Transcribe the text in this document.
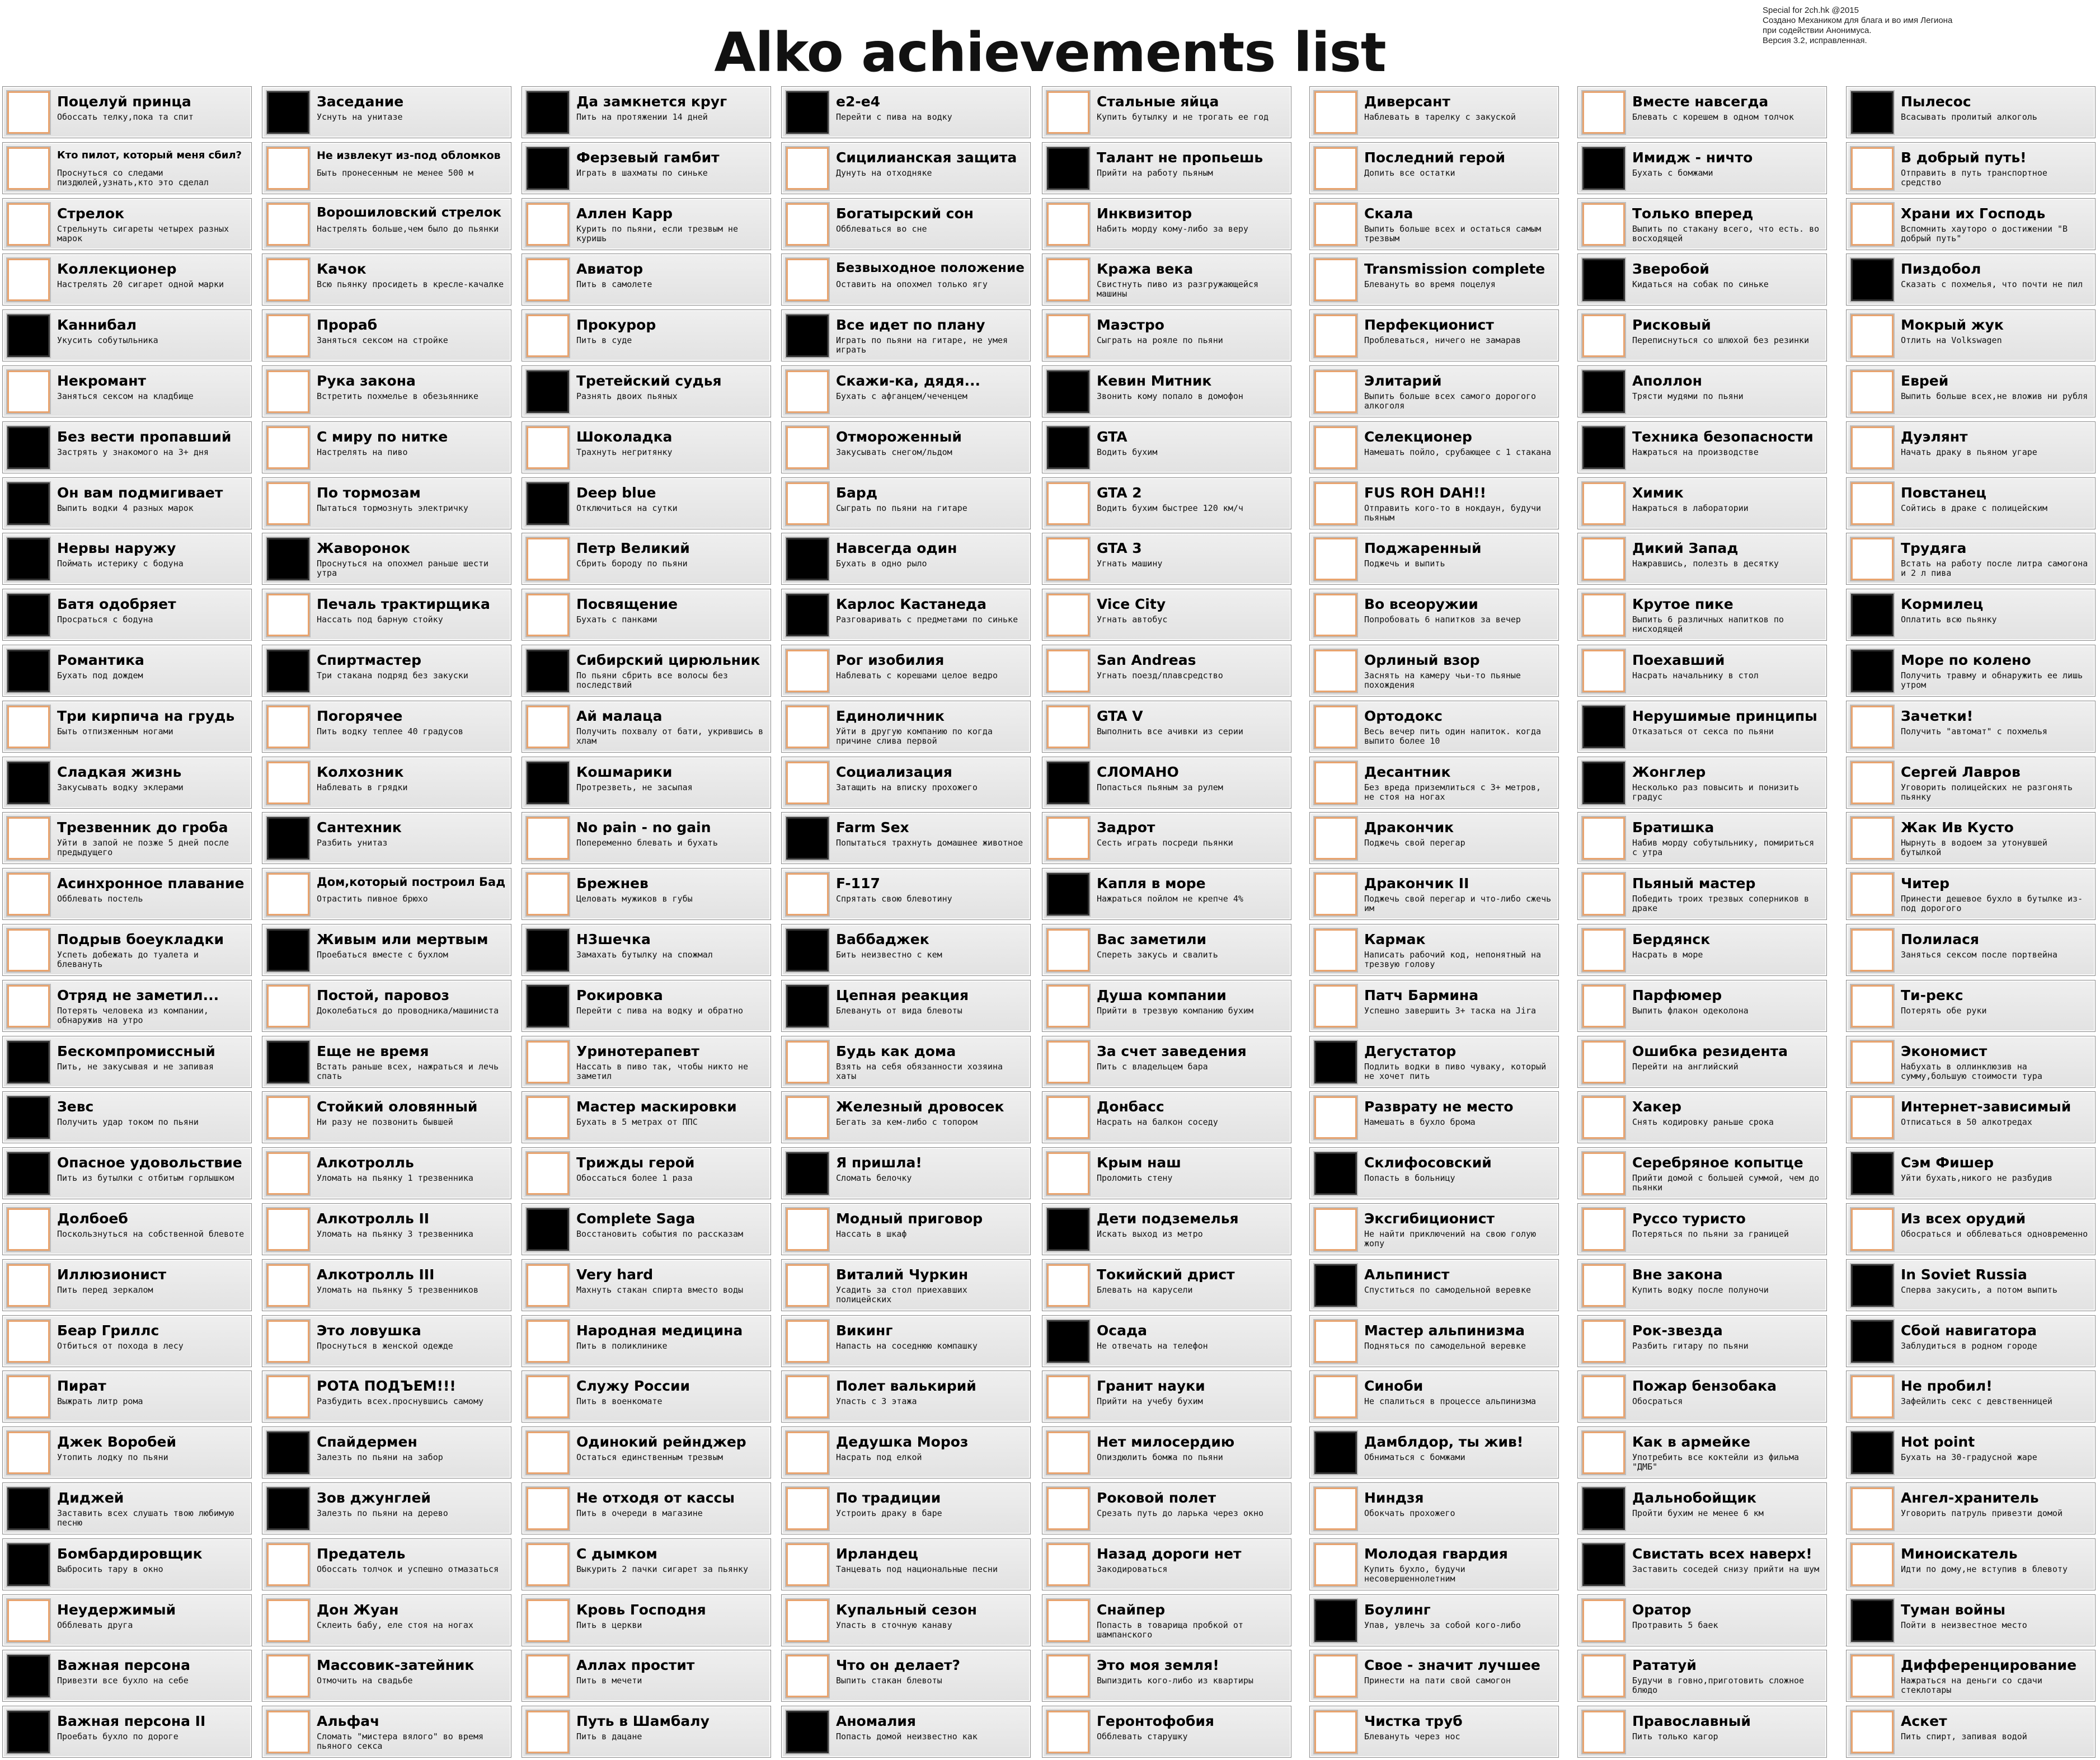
Alko achievements list
Special for 2ch.hk @2015
Создано Механиком для блага и во имя Легиона
при содействии Анонимуса.
Версия 3.2, исправленная.
Поцелуй принца
Обоссать телку,пока та спит
Кто пилот, который меня сбил?
Проснуться со следами пиздюлей,узнать,кто это сделал
Стрелок
Стрельнуть сигареты четырех разных марок
Коллекционер
Настрелять 20 сигарет одной марки
Каннибал
Укусить собутыльника
Некромант
Заняться сексом на кладбище
Без вести пропавший
Застрять у знакомого на 3+ дня
Он вам подмигивает
Выпить водки 4 разных марок
Нервы наружу
Поймать истерику с бодуна
Батя одобряет
Просраться с бодуна
Романтика
Бухать под дождем
Три кирпича на грудь
Быть отпизженным ногами
Сладкая жизнь
Закусывать водку эклерами
Трезвенник до гроба
Уйти в запой не позже 5 дней после предыдущего
Асинхронное плавание
Обблевать постель
Подрыв боеукладки
Успеть добежать до туалета и блевануть
Отряд не заметил...
Потерять человека из компании, обнаружив на утро
Бескомпромиссный
Пить, не закусывая и не запивая
Зевс
Получить удар током по пьяни
Опасное удовольствие
Пить из бутылки с отбитым горлышком
Долбоеб
Поскользнуться на собственной блевоте
Иллюзионист
Пить перед зеркалом
Беар Гриллс
Отбиться от похода в лесу
Пират
Выжрать литр рома
Джек Воробей
Утопить лодку по пьяни
Диджей
Заставить всех слушать твою любимую песню
Бомбардировщик
Выбросить тару в окно
Неудержимый
Обблевать друга
Важная персона
Привезти все бухло на себе
Важная персона II
Проебать бухло по дороге
Заседание
Уснуть на унитазе
Не извлекут из-под обломков
Быть пронесенным не менее 500 м
Ворошиловский стрелок
Настрелять больше,чем было до пьянки
Качок
Всю пьянку просидеть в кресле-качалке
Прораб
Заняться сексом на стройке
Рука закона
Встретить похмелье в обезьяннике
С миру по нитке
Настрелять на пиво
По тормозам
Пытаться тормознуть электричку
Жаворонок
Проснуться на опохмел раньше шести утра
Печаль трактирщика
Нассать под барную стойку
Спиртмастер
Три стакана подряд без закуски
Погорячее
Пить водку теплее 40 градусов
Колхозник
Наблевать в грядки
Сантехник
Разбить унитаз
Дом,который построил Бад
Отрастить пивное брюхо
Живым или мертвым
Проебаться вместе с бухлом
Постой, паровоз
Доколебаться до проводника/машиниста
Еще не время
Встать раньше всех, нажраться и лечь спать
Стойкий оловянный
Ни разу не позвонить бывшей
Алкотролль
Уломать на пьянку 1 трезвенника
Алкотролль II
Уломать на пьянку 3 трезвенника
Алкотролль III
Уломать на пьянку 5 трезвенников
Это ловушка
Проснуться в женской одежде
РОТА ПОДЪЕМ!!!
Разбудить всех.проснувшись самому
Спайдермен
Залезть по пьяни на забор
Зов джунглей
Залезть по пьяни на дерево
Предатель
Обоссать толчок и успешно отмазаться
Дон Жуан
Склеить бабу, еле стоя на ногах
Массовик-затейник
Отмочить на свадьбе
Альфач
Сломать "мистера вялого" во время пьяного секса
Да замкнется круг
Пить на протяжении 14 дней
Ферзевый гамбит
Играть в шахматы по синьке
Аллен Карр
Курить по пьяни, если трезвым не куришь
Авиатор
Пить в самолете
Прокурор
Пить в суде
Третейский судья
Разнять двоих пьяных
Шоколадка
Трахнуть негритянку
Deep blue
Отключиться на сутки
Петр Великий
Сбрить бороду по пьяни
Посвящение
Бухать с панками
Сибирский цирюльник
По пьяни сбрить все волосы без последствий
Ай малаца
Получить похвалу от бати, укрившись в хлам
Кошмарики
Протрезветь, не засыпая
No pain - no gain
Попеременно блевать и бухать
Брежнев
Целовать мужиков в губы
Н3шечка
Замахать бутылку на спожмал
Рокировка
Перейти с пива на водку и обратно
Уринотерапевт
Нассать в пиво так, чтобы никто не заметил
Мастер маскировки
Бухать в 5 метрах от ППС
Трижды герой
Обоссаться более 1 раза
Complete Saga
Восстановить события по рассказам
Very hard
Махнуть стакан спирта вместо воды
Народная медицина
Пить в поликлинике
Служу России
Пить в военкомате
Одинокий рейнджер
Остаться единственным трезвым
Не отходя от кассы
Пить в очереди в магазине
С дымком
Выкурить 2 пачки сигарет за пьянку
Кровь Господня
Пить в церкви
Аллах простит
Пить в мечети
Путь в Шамбалу
Пить в дацане
e2-e4
Перейти с пива на водку
Сицилианская защита
Дунуть на отходняке
Богатырский сон
Обблеваться во сне
Безвыходное положение
Оставить на опохмел только ягу
Все идет по плану
Играть по пьяни на гитаре, не умея играть
Скажи-ка, дядя...
Бухать с афганцем/чеченцем
Отмороженный
Закусывать снегом/льдом
Бард
Сыграть по пьяни на гитаре
Навсегда один
Бухать в одно рыло
Карлос Кастанеда
Разговаривать с предметами по синьке
Рог изобилия
Наблевать с корешами целое ведро
Единоличник
Уйти в другую компанию по когда причине слива первой
Социализация
Затащить на вписку прохожего
Farm Sex
Попытаться трахнуть домашнее животное
F-117
Спрятать свою блевотину
Ваббаджек
Бить неизвестно с кем
Цепная реакция
Блевануть от вида блевоты
Будь как дома
Взять на себя обязанности хозяина хаты
Железный дровосек
Бегать за кем-либо с топором
Я пришла!
Сломать белочку
Модный приговор
Нассать в шкаф
Виталий Чуркин
Усадить за стол приехавших полицейских
Викинг
Напасть на соседнюю компашку
Полет валькирий
Упасть с 3 этажа
Дедушка Мороз
Насрать под елкой
По традиции
Устроить драку в баре
Ирландец
Танцевать под национальные песни
Купальный сезон
Упасть в сточную канаву
Что он делает?
Выпить стакан блевоты
Аномалия
Попасть домой неизвестно как
Стальные яйца
Купить бутылку и не трогать ее год
Талант не пропьешь
Прийти на работу пьяным
Инквизитор
Набить морду кому-либо за веру
Кража века
Свистнуть пиво из разгружающейся машины
Маэстро
Сыграть на рояле по пьяни
Кевин Митник
Звонить кому попало в домофон
GTA
Водить бухим
GTA 2
Водить бухим быстрее 120 км/ч
GTA 3
Угнать машину
Vice City
Угнать автобус
San Andreas
Угнать поезд/плавсредство
GTA V
Выполнить все ачивки из серии
СЛОМАНО
Попасться пьяным за рулем
Задрот
Сесть играть посреди пьянки
Капля в море
Нажраться пойлом не крепче 4%
Вас заметили
Спереть закусь и свалить
Душа компании
Прийти в трезвую компанию бухим
За счет заведения
Пить с владельцем бара
Донбасс
Насрать на балкон соседу
Крым наш
Проломить стену
Дети подземелья
Искать выход из метро
Токийский дрист
Блевать на карусели
Осада
Не отвечать на телефон
Гранит науки
Прийти на учебу бухим
Нет милосердию
Опиздюлить бомжа по пьяни
Роковой полет
Срезать путь до ларька через окно
Назад дороги нет
Закодироваться
Снайпер
Попасть в товарища пробкой от шампанского
Это моя земля!
Выпиздить кого-либо из квартиры
Геронтофобия
Обблевать старушку
Диверсант
Наблевать в тарелку с закуской
Последний герой
Допить все остатки
Скала
Выпить больше всех и остаться самым трезвым
Transmission complete
Блевануть во время поцелуя
Перфекционист
Проблеваться, ничего не замарав
Элитарий
Выпить больше всех самого дорогого алкоголя
Селекционер
Намешать пойло, срубающее с 1 стакана
FUS ROH DAH!!
Отправить кого-то в нокдаун, будучи пьяным
Поджаренный
Поджечь и выпить
Во всеоружии
Попробовать 6 напитков за вечер
Орлиный взор
Заснять на камеру чьи-то пьяные похождения
Ортодокс
Весь вечер пить один напиток. когда выпито более 10
Десантник
Без вреда приземлиться с 3+ метров, не стоя на ногах
Дракончик
Поджечь свой перегар
Дракончик II
Поджечь свой перегар и что-либо сжечь им
Кармак
Написать рабочий код, непонятный на трезвую голову
Патч Бармина
Успешно завершить 3+ таска на Jira
Дегустатор
Подлить водки в пиво чуваку, который не хочет пить
Разврату не место
Намешать в бухло брома
Склифосовский
Попасть в больницу
Эксгибиционист
Не найти приключений на свою голую жопу
Альпинист
Спуститься по самодельной веревке
Мастер альпинизма
Подняться по самодельной веревке
Синоби
Не спалиться в процессе альпинизма
Дамблдор, ты жив!
Обниматься с бомжами
Ниндзя
Обокчать прохожего
Молодая гвардия
Купить бухло, будучи несовершеннолетним
Боулинг
Упав, увлечь за собой кого-либо
Свое - значит лучшее
Принести на пати свой самогон
Чистка труб
Блевануть через нос
Вместе навсегда
Блевать с корешем в одном толчок
Имидж - ничто
Бухать с бомжами
Только вперед
Выпить по стакану всего, что есть. во восходящей
Зверобой
Кидаться на собак по синьке
Рисковый
Переписнуться со шлюхой без резинки
Аполлон
Трясти мудями по пьяни
Техника безопасности
Нажраться на производстве
Химик
Нажраться в лаборатории
Дикий Запад
Нажравшись, полезть в десятку
Крутое пике
Выпить 6 различных напитков по нисходящей
Поехавший
Насрать начальнику в стол
Нерушимые принципы
Отказаться от секса по пьяни
Жонглер
Несколько раз повысить и понизить градус
Братишка
Набив морду собутыльнику, помириться с утра
Пьяный мастер
Победить троих трезвых соперников в драке
Бердянск
Насрать в море
Парфюмер
Выпить флакон одеколона
Ошибка резидента
Перейти на английский
Хакер
Снять кодировку раньше срока
Серебряное копытце
Прийти домой с большей суммой, чем до пьянки
Руссо туристо
Потеряться по пьяни за границей
Вне закона
Купить водку после полуночи
Рок-звезда
Разбить гитару по пьяни
Пожар бензобака
Обосраться
Как в армейке
Употребить все коктейли из фильма "ДМБ"
Дальнобойщик
Пройти бухим не менее 6 км
Свистать всех наверх!
Заставить соседей снизу прийти на шум
Оратор
Протравить 5 баек
Рататуй
Будучи в говно,приготовить сложное блюдо
Православный
Пить только кагор
Пылесос
Всасывать пролитый алкоголь
В добрый путь!
Отправить в путь транспортное средство
Храни их Господь
Вспомнить хауторо о достижении "В добрый путь"
Пиздобол
Сказать с похмелья, что почти не пил
Мокрый жук
Отлить на Volkswagen
Еврей
Выпить больше всех,не вложив ни рубля
Дуэлянт
Начать драку в пьяном угаре
Повстанец
Сойтись в драке с полицейским
Трудяга
Встать на работу после литра самогона и 2 л пива
Кормилец
Оплатить всю пьянку
Море по колено
Получить травму и обнаружить ее лишь утром
Зачетки!
Получить "автомат" с похмелья
Сергей Лавров
Уговорить полицейских не разгонять пьянку
Жак Ив Кусто
Нырнуть в водоем за утонувшей бутылкой
Читер
Принести дешевое бухло в бутылке из-под дорогого
Полилася
Заняться сексом после портвейна
Ти-рекс
Потерять обе руки
Экономист
Набухать в оллинклюзив на сумму,большую стоимости тура
Интернет-зависимый
Отписаться в 50 алкотредах
Сэм Фишер
Уйти бухать,никого не разбудив
Из всех орудий
Обосраться и обблеваться одновременно
In Soviet Russia
Сперва закусить, а потом выпить
Сбой навигатора
Заблудиться в родном городе
Не пробил!
Зафейлить секс с девственницей
Hot point
Бухать на 30-градусной жаре
Ангел-хранитель
Уговорить патруль привезти домой
Миноискатель
Идти по дому,не вступив в блевоту
Туман войны
Пойти в неизвестное место
Дифференцирование
Нажраться на деньги со сдачи стеклотары
Аскет
Пить спирт, запивая водой
